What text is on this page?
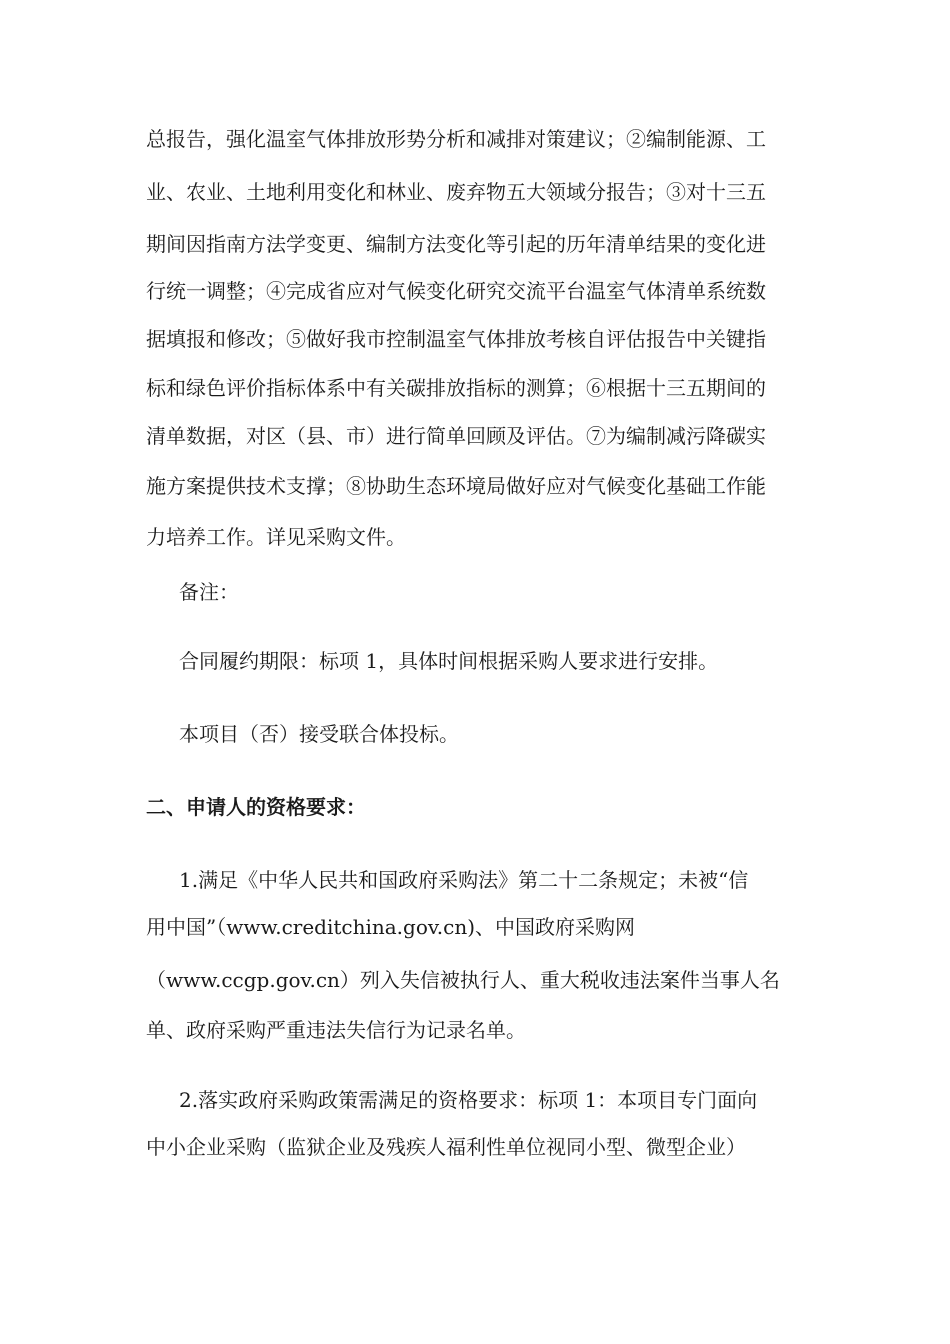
总报告，强化温室气体排放形势分析和减排对策建议；②编制能源、工
业、农业、土地利用变化和林业、废弃物五大领域分报告；③对十三五
期间因指南方法学变更、编制方法变化等引起的历年清单结果的变化进
行统一调整；④完成省应对气候变化研究交流平台温室气体清单系统数
据填报和修改；⑤做好我市控制温室气体排放考核自评估报告中关键指
标和绿色评价指标体系中有关碳排放指标的测算；⑥根据十三五期间的
清单数据，对区（县、市）进行简单回顾及评估。⑦为编制减污降碳实
施方案提供技术支撑；⑧协助生态环境局做好应对气候变化基础工作能
力培养工作。详见采购文件。
备注：
合同履约期限：标项 1，具体时间根据采购人要求进行安排。
本项目（否）接受联合体投标。
二、申请人的资格要求：
1.满足《中华人民共和国政府采购法》第二十二条规定；未被“信
用中国”（www.creditchina.gov.cn)、中国政府采购网
（www.ccgp.gov.cn）列入失信被执行人、重大税收违法案件当事人名
单、政府采购严重违法失信行为记录名单。
2.落实政府采购政策需满足的资格要求：标项 1：本项目专门面向
中小企业采购（监狱企业及残疾人福利性单位视同小型、微型企业）
